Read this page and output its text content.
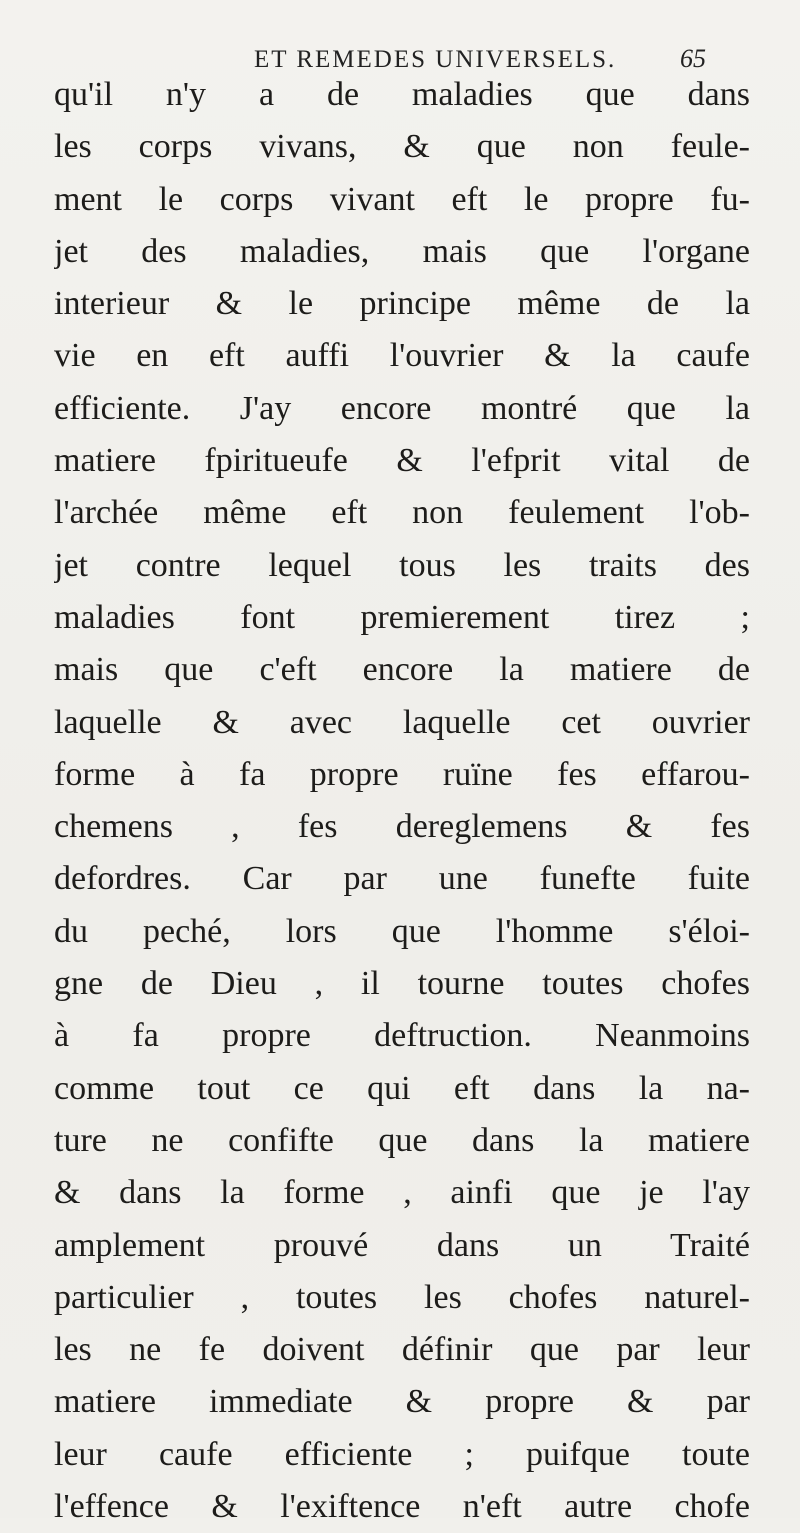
ET REMEDES UNIVERSELS. 65
qu'il n'y a de maladies que dans
les corps vivans, & que non feule-
ment le corps vivant eft le propre fu-
jet des maladies, mais que l'organe
interieur & le principe même de la
vie en eft auffi l'ouvrier & la caufe
efficiente. J'ay encore montré que la
matiere fpiritueufe & l'efprit vital de
l'archée même eft non feulement l'ob-
jet contre lequel tous les traits des
maladies font premierement tirez ;
mais que c'eft encore la matiere de
laquelle & avec laquelle cet ouvrier
forme à fa propre ruïne fes effarou-
chemens , fes dereglemens & fes
defordres. Car par une funefte fuite
du peché, lors que l'homme s'éloi-
gne de Dieu , il tourne toutes chofes
à fa propre deftruction. Neanmoins
comme tout ce qui eft dans la na-
ture ne confifte que dans la matiere
& dans la forme , ainfi que je l'ay
amplement prouvé dans un Traité
particulier , toutes les chofes naturel-
les ne fe doivent définir que par leur
matiere immediate & propre & par
leur caufe efficiente ; puifque toute
l'effence & l'exiftence n'eft autre chofe
